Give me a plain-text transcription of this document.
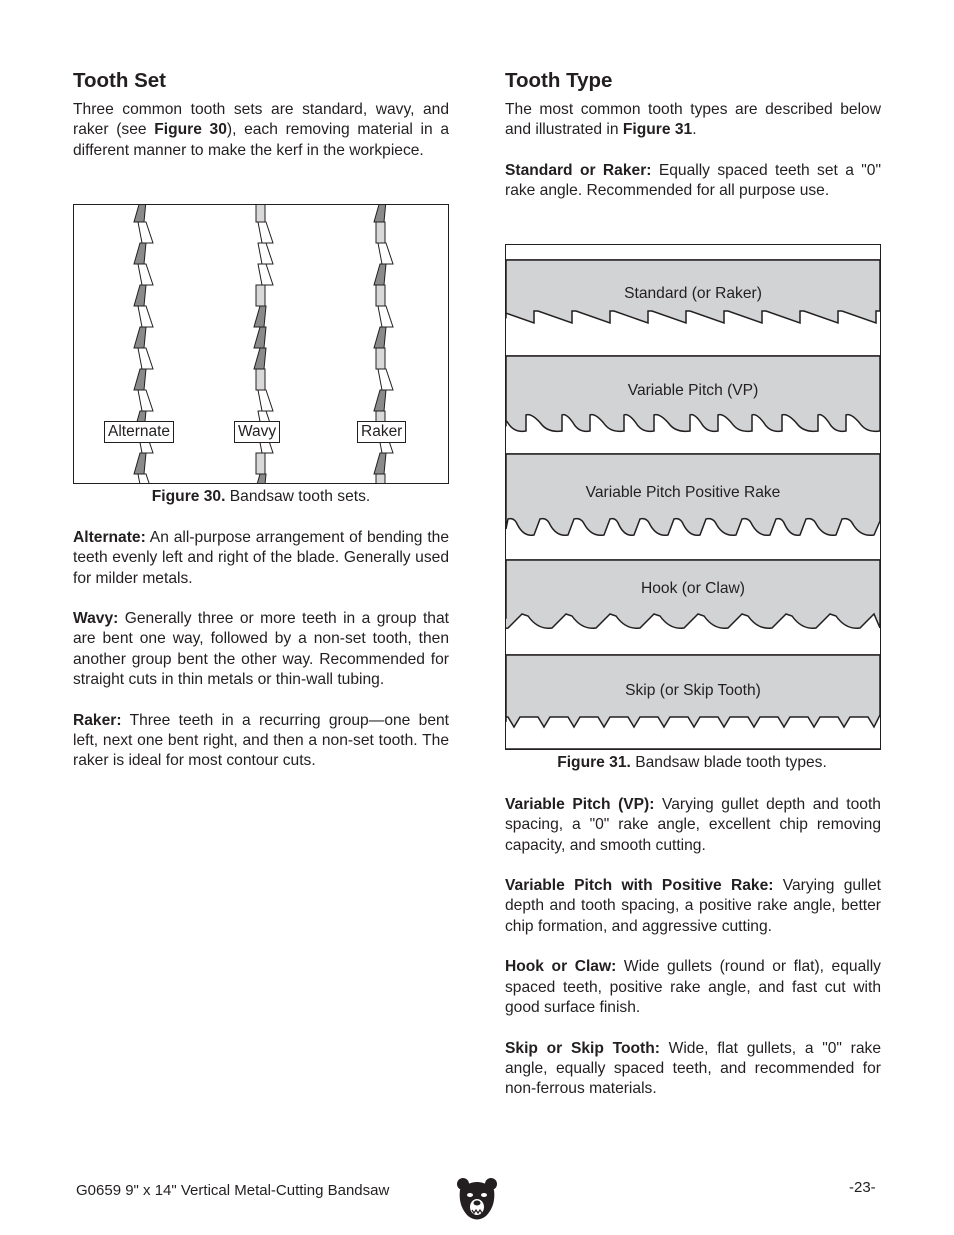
Tooth Set

Three common tooth sets are standard, wavy, and raker (see Figure 30), each removing material in a different manner to make the kerf in the workpiece.

Alternate	Wavy	Raker
Figure 30. Bandsaw tooth sets.

Alternate: An all-purpose arrangement of bending the teeth evenly left and right of the blade. Generally used for milder metals.

Wavy: Generally three or more teeth in a group that are bent one way, followed by a non-set tooth, then another group bent the other way. Recommended for straight cuts in thin metals or thin-wall tubing.

Raker: Three teeth in a recurring group—one bent left, next one bent right, and then a non-set tooth. The raker is ideal for most contour cuts.

Tooth Type

The most common tooth types are described below and illustrated in Figure 31.

Standard or Raker: Equally spaced teeth set a "0" rake angle. Recommended for all purpose use.

Standard (or Raker)
Variable Pitch (VP)
Variable Pitch Positive Rake
Hook (or Claw)
Skip (or Skip Tooth)
Figure 31. Bandsaw blade tooth types.

Variable Pitch (VP): Varying gullet depth and tooth spacing, a "0" rake angle, excellent chip removing capacity, and smooth cutting.

Variable Pitch with Positive Rake: Varying gullet depth and tooth spacing, a positive rake angle, better chip formation, and aggressive cutting.

Hook or Claw: Wide gullets (round or flat), equally spaced teeth, positive rake angle, and fast cut with good surface finish.

Skip or Skip Tooth: Wide, flat gullets, a "0" rake angle, equally spaced teeth, and recommended for non-ferrous materials.

G0659 9" x 14" Vertical Metal-Cutting Bandsaw	-23-
